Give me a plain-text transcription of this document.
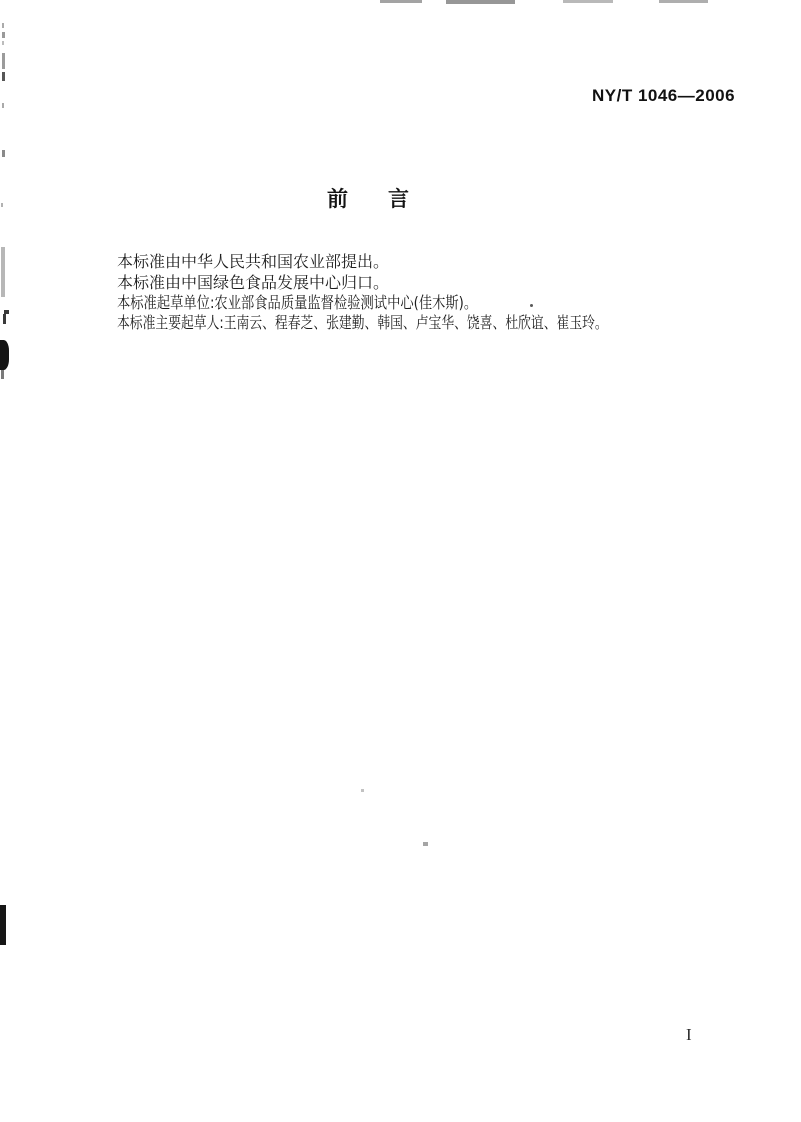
NY/T 1046—2006
前 言

本标准由中华人民共和国农业部提出。

本标准由中国绿色食品发展中心归口。

本标准起草单位:农业部食品质量监督检验测试中心(佳木斯)。

本标准主要起草人:王南云、程春芝、张建勤、韩国、卢宝华、饶喜、杜欣谊、崔玉玲。

I
